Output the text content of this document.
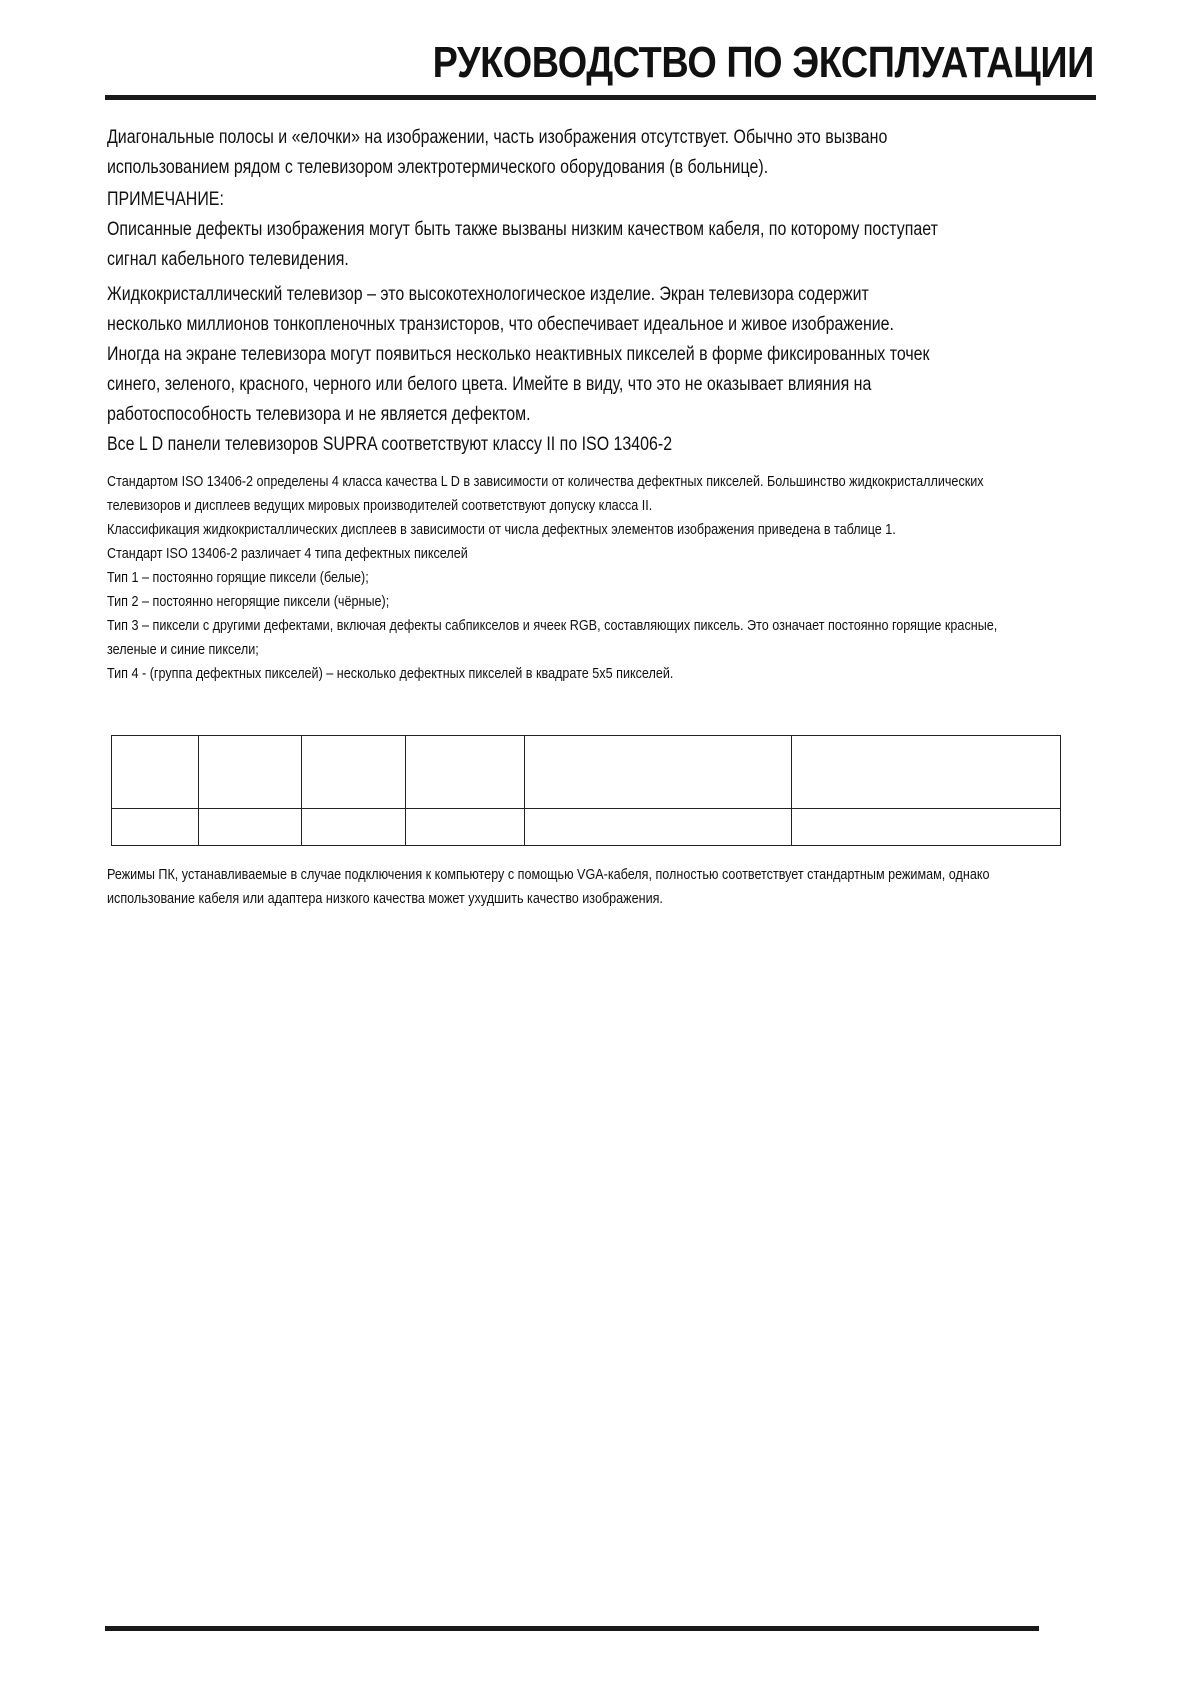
РУКОВОДСТВО ПО ЭКСПЛУАТАЦИИ

Диагональные полосы и «елочки» на изображении, часть изображения отсутствует. Обычно это вызвано
использованием рядом с телевизором электротермического оборудования (в больнице).

ПРИМЕЧАНИЕ:

Описанные дефекты изображения могут быть также вызваны низким качеством кабеля, по которому поступает
сигнал кабельного телевидения.

Жидкокристаллический телевизор – это высокотехнологическое изделие. Экран телевизора содержит
несколько миллионов тонкопленочных транзисторов, что обеспечивает идеальное и живое изображение.
Иногда на экране телевизора могут появиться несколько неактивных пикселей в форме фиксированных точек
синего, зеленого, красного, черного или белого цвета. Имейте в виду, что это не оказывает влияния на
работоспособность телевизора и не является дефектом.
Все L D панели телевизоров SUPRA соответствуют классу II по ISO 13406-2

Стандартом ISO 13406-2 определены 4 класса качества L D в зависимости от количества дефектных пикселей. Большинство жидкокристаллических
телевизоров и дисплеев ведущих мировых производителей соответствуют допуску класса II.
Классификация жидкокристаллических дисплеев в зависимости от числа дефектных элементов изображения приведена в таблице 1.
Стандарт ISO 13406-2 различает 4 типа дефектных пикселей
Тип 1 – постоянно горящие пиксели (белые);
Тип 2 – постоянно негорящие пиксели (чёрные);
Тип 3 – пиксели с другими дефектами, включая дефекты сабпикселов и ячеек RGB, составляющих пиксель. Это означает постоянно горящие красные,
зеленые и синие пиксели;
Тип 4 - (группа дефектных пикселей) – несколько дефектных пикселей в квадрате 5х5 пикселей.

Режимы ПК, устанавливаемые в случае подключения к компьютеру с помощью VGA-кабеля, полностью соответствует стандартным режимам, однако
использование кабеля или адаптера низкого качества может ухудшить качество изображения.
